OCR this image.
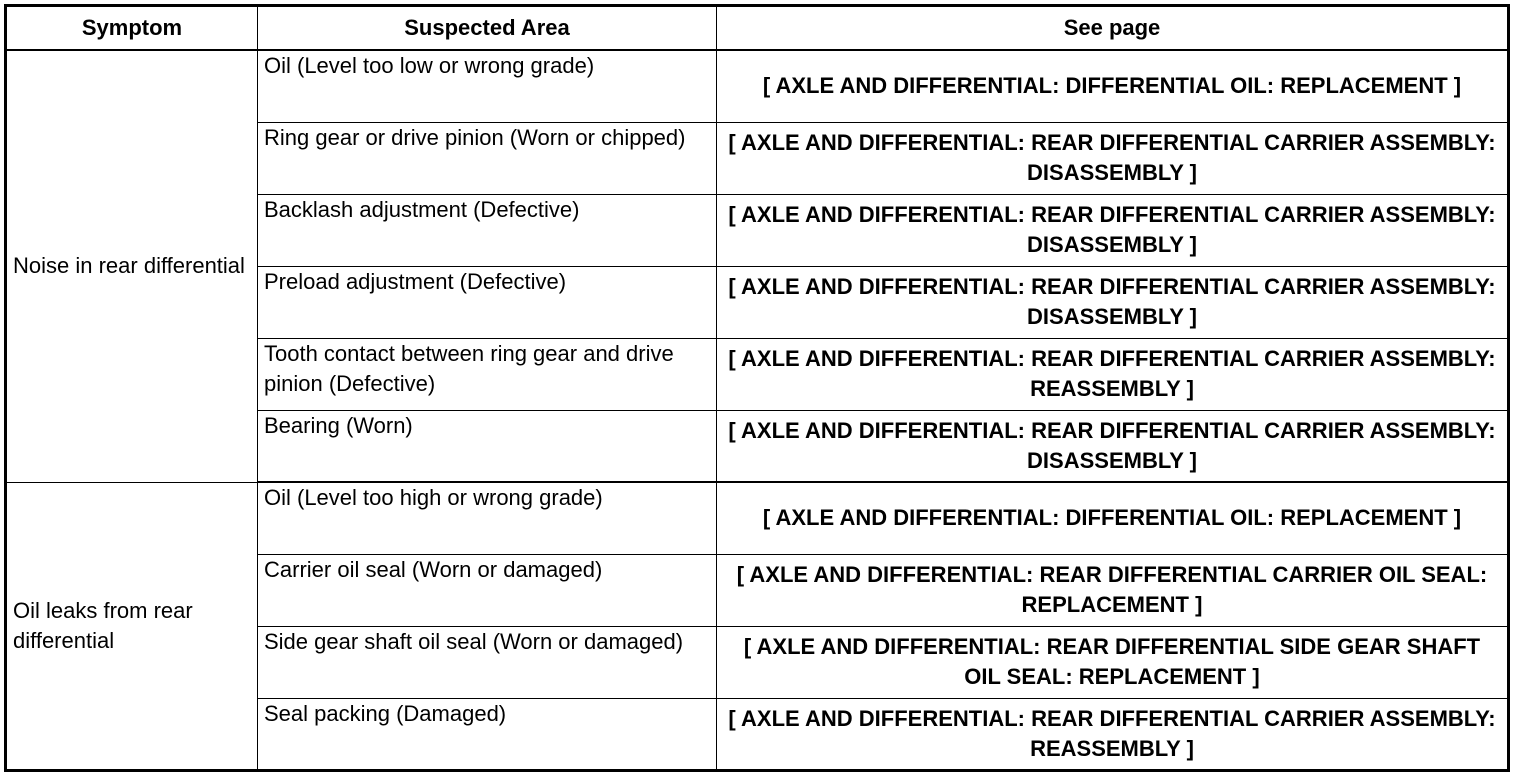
Symptom	Suspected Area	See page
Noise in rear differential	Oil (Level too low or wrong grade)	[ AXLE AND DIFFERENTIAL: DIFFERENTIAL OIL: REPLACEMENT ]
	Ring gear or drive pinion (Worn or chipped)	[ AXLE AND DIFFERENTIAL: REAR DIFFERENTIAL CARRIER ASSEMBLY: DISASSEMBLY ]
	Backlash adjustment (Defective)	[ AXLE AND DIFFERENTIAL: REAR DIFFERENTIAL CARRIER ASSEMBLY: DISASSEMBLY ]
	Preload adjustment (Defective)	[ AXLE AND DIFFERENTIAL: REAR DIFFERENTIAL CARRIER ASSEMBLY: DISASSEMBLY ]
	Tooth contact between ring gear and drive pinion (Defective)	[ AXLE AND DIFFERENTIAL: REAR DIFFERENTIAL CARRIER ASSEMBLY: REASSEMBLY ]
	Bearing (Worn)	[ AXLE AND DIFFERENTIAL: REAR DIFFERENTIAL CARRIER ASSEMBLY: DISASSEMBLY ]
Oil leaks from rear differential	Oil (Level too high or wrong grade)	[ AXLE AND DIFFERENTIAL: DIFFERENTIAL OIL: REPLACEMENT ]
	Carrier oil seal (Worn or damaged)	[ AXLE AND DIFFERENTIAL: REAR DIFFERENTIAL CARRIER OIL SEAL: REPLACEMENT ]
	Side gear shaft oil seal (Worn or damaged)	[ AXLE AND DIFFERENTIAL: REAR DIFFERENTIAL SIDE GEAR SHAFT OIL SEAL: REPLACEMENT ]
	Seal packing (Damaged)	[ AXLE AND DIFFERENTIAL: REAR DIFFERENTIAL CARRIER ASSEMBLY: REASSEMBLY ]
